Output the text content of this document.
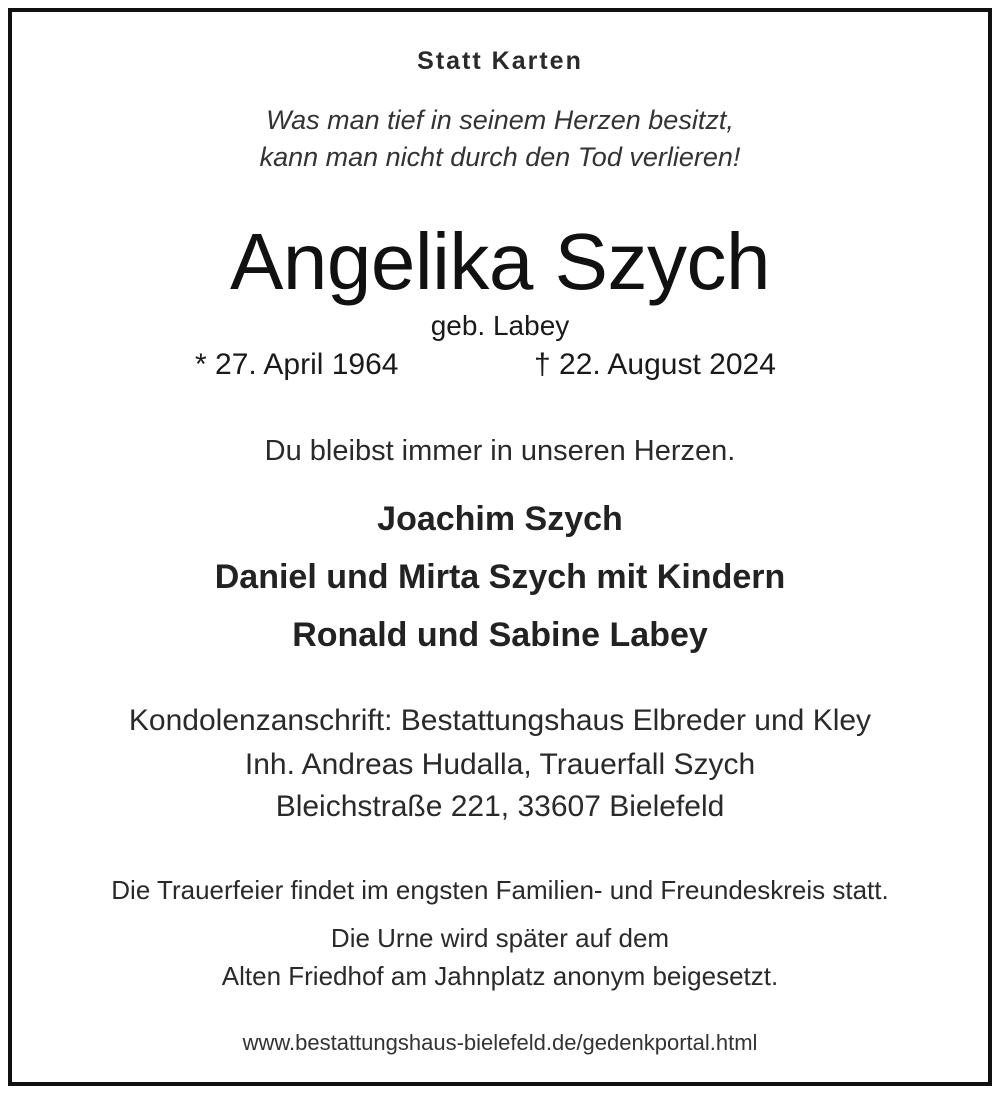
Statt Karten
Was man tief in seinem Herzen besitzt,
kann man nicht durch den Tod verlieren!
Angelika Szych
geb. Labey
* 27. April 1964	† 22. August 2024
Du bleibst immer in unseren Herzen.
Joachim Szych
Daniel und Mirta Szych mit Kindern
Ronald und Sabine Labey
Kondolenzanschrift: Bestattungshaus Elbreder und Kley
Inh. Andreas Hudalla, Trauerfall Szych
Bleichstraße 221, 33607 Bielefeld
Die Trauerfeier findet im engsten Familien- und Freundeskreis statt.
Die Urne wird später auf dem
Alten Friedhof am Jahnplatz anonym beigesetzt.
www.bestattungshaus-bielefeld.de/gedenkportal.html
